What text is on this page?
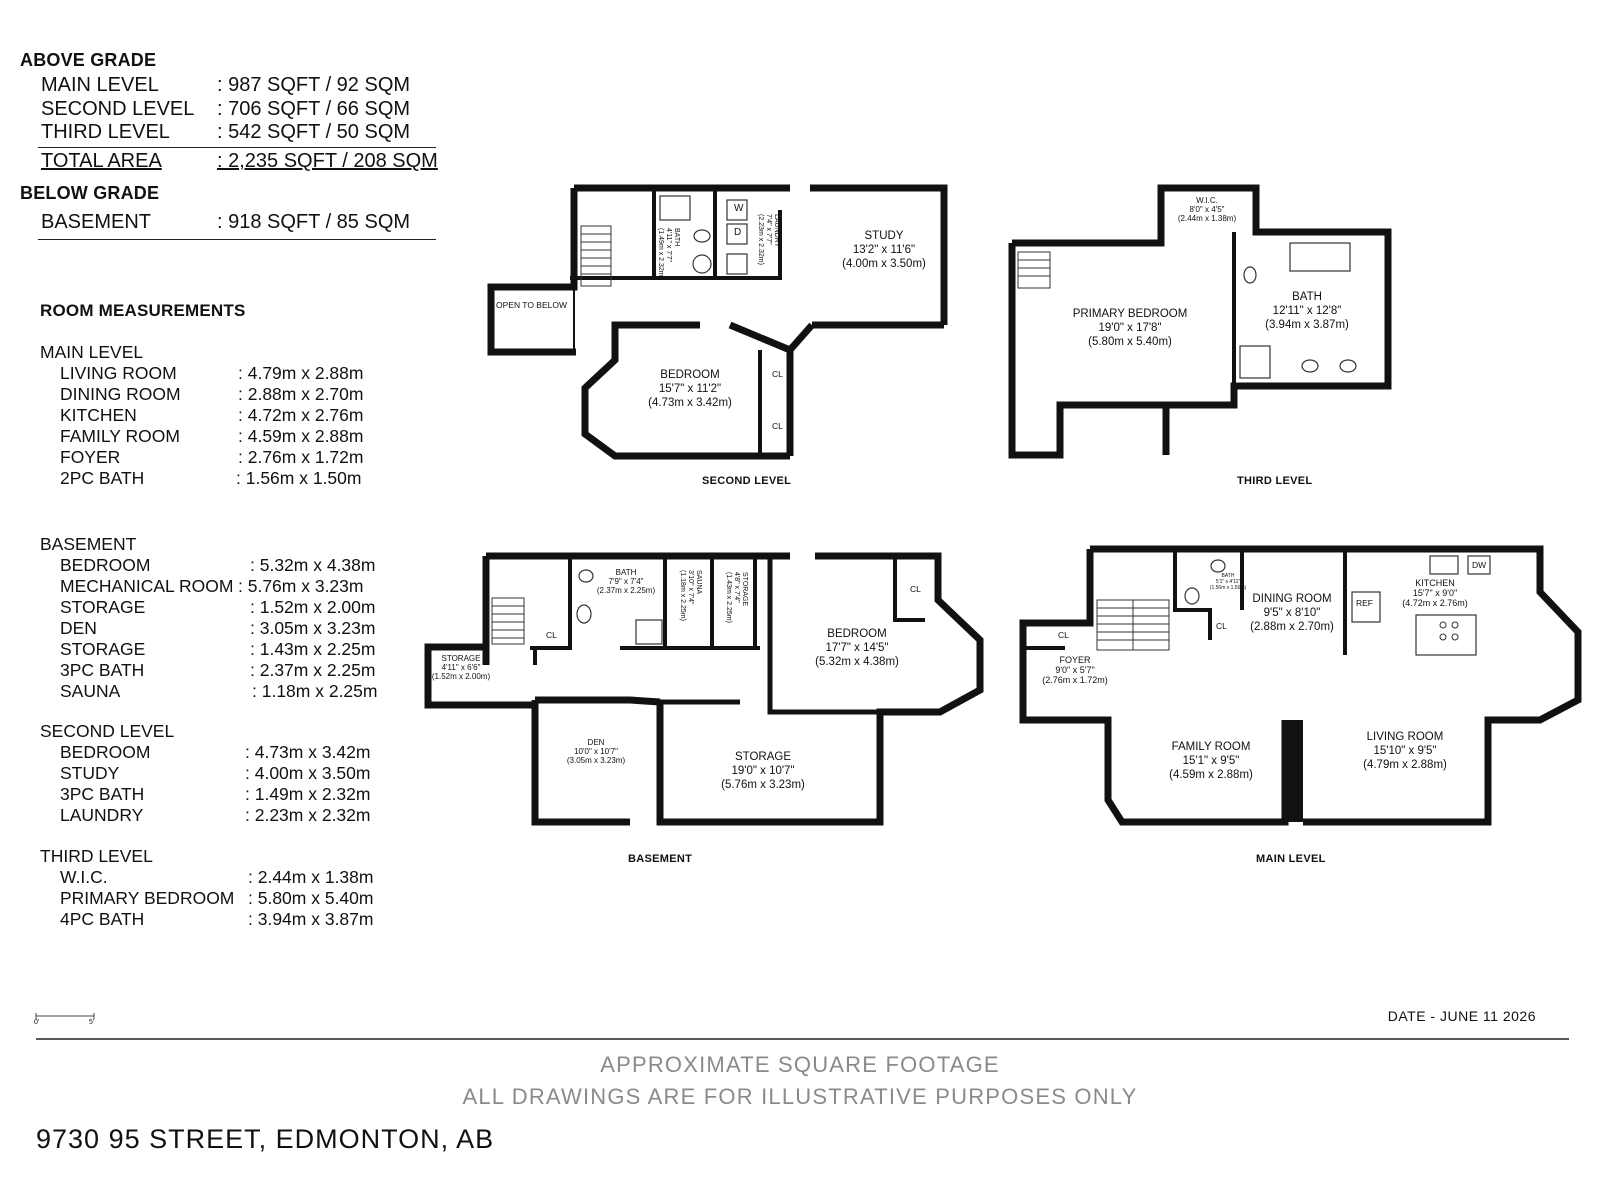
ABOVE GRADE
MAIN LEVEL	: 987 SQFT / 92 SQM
SECOND LEVEL : 706 SQFT / 66 SQM
THIRD LEVEL : 542 SQFT / 50 SQM
TOTAL AREA	: 2,235 SQFT / 208 SQM
BELOW GRADE
BASEMENT	: 918 SQFT / 85 SQM
ROOM MEASUREMENTS
MAIN LEVEL
LIVING ROOM	: 4.79m x 2.88m
DINING ROOM	: 2.88m x 2.70m
KITCHEN	: 4.72m x 2.76m
FAMILY ROOM	: 4.59m x 2.88m
FOYER	: 2.76m x 1.72m
2PC BATH	: 1.56m x 1.50m
BASEMENT
BEDROOM	: 5.32m x 4.38m
MECHANICAL ROOM : 5.76m x 3.23m
STORAGE	: 1.52m x 2.00m
DEN	: 3.05m x 3.23m
STORAGE	: 1.43m x 2.25m
3PC BATH	: 2.37m x 2.25m
SAUNA	: 1.18m x 2.25m
SECOND LEVEL
BEDROOM	: 4.73m x 3.42m
STUDY	: 4.00m x 3.50m
3PC BATH	: 1.49m x 2.32m
LAUNDRY	: 2.23m x 2.32m
THIRD LEVEL
W.I.C.	: 2.44m x 1.38m
PRIMARY BEDROOM : 5.80m x 5.40m
4PC BATH	: 3.94m x 3.87m
OPEN TO BELOW
STUDY
13'2" x 11'6"
(4.00m x 3.50m)
BEDROOM
15'7" x 11'2"
(4.73m x 3.42m)
BATH
4'11" x 7'7"
(1.49m x 2.32m)	LAUNDRY
7'4" x 7'7"
(2.23m x 2.32m)
W
D
CL
CL
SECOND LEVEL
W.I.C.
8'0" x 4'5"
(2.44m x 1.38m)
PRIMARY BEDROOM
19'0" x 17'8"
(5.80m x 5.40m)
BATH
12'11" x 12'8"
(3.94m x 3.87m)
THIRD LEVEL
STORAGE
4'11" x 6'6"
(1.52m x 2.00m)
BATH
7'9" x 7'4"
(2.37m x 2.25m)	SAUNA
3'10" x 7'4"
(1.18m x 2.25m)	STORAGE
4'8" x 7'4"
(1.43m x 2.25m)
BEDROOM
17'7" x 14'5"
(5.32m x 4.38m)
DEN
10'0" x 10'7"
(3.05m x 3.23m)	STORAGE
19'0" x 10'7"
(5.76m x 3.23m)
CL
CL
BASEMENT
BATH
5'1" x 4'11"
(1.56m x 1.50m)
DINING ROOM
9'5" x 8'10"
(2.88m x 2.70m)
KITCHEN
15'7" x 9'0"
(4.72m x 2.76m)
FOYER
9'0" x 5'7"
(2.76m x 1.72m)
FAMILY ROOM
15'1" x 9'5"
(4.59m x 2.88m)
LIVING ROOM
15'10" x 9'5"
(4.79m x 2.88m)
REF
DW
CL
CL
MAIN LEVEL
0'	5'	DATE - JUNE 11 2026
APPROXIMATE SQUARE FOOTAGE
ALL DRAWINGS ARE FOR ILLUSTRATIVE PURPOSES ONLY
9730 95 STREET, EDMONTON, AB
